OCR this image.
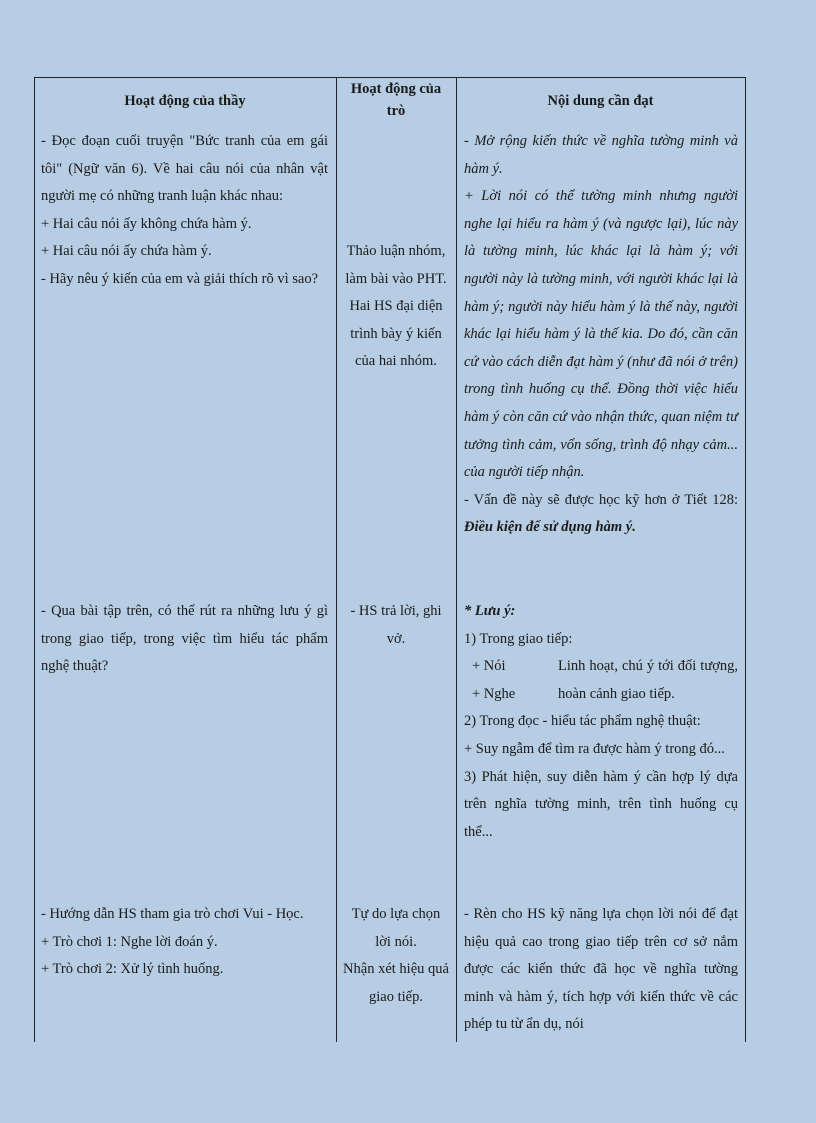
Hoạt động của thầy
Hoạt động của trò
Nội dung cần đạt

- Đọc đoạn cuối truyện "Bức tranh của em gái tôi" (Ngữ văn 6). Về hai câu nói của nhân vật người mẹ có những tranh luận khác nhau:

+ Hai câu nói ấy không chứa hàm ý.

+ Hai câu nói ấy chứa hàm ý.

- Hãy nêu ý kiến của em và giải thích rõ vì sao?

Thảo luận nhóm, làm bài vào PHT.

Hai HS đại diện trình bày ý kiến của hai nhóm.

- Mở rộng kiến thức về nghĩa tường minh và hàm ý.

+ Lời nói có thể tường minh nhưng người nghe lại hiểu ra hàm ý (và ngược lại), lúc này là tường minh, lúc khác lại là hàm ý; với người này là tường minh, với người khác lại là hàm ý; người này hiểu hàm ý là thế này, người khác lại hiểu hàm ý là thế kia. Do đó, cần căn cứ vào cách diễn đạt hàm ý (như đã nói ở trên) trong tình huống cụ thể. Đồng thời việc hiểu hàm ý còn căn cứ vào nhận thức, quan niệm tư tưởng tình cảm, vốn sống, trình độ nhạy cảm... của người tiếp nhận.

- Vấn đề này sẽ được học kỹ hơn ở Tiết 128: Điều kiện để sử dụng hàm ý.

- Qua bài tập trên, có thể rút ra những lưu ý gì trong giao tiếp, trong việc tìm hiểu tác phẩm nghệ thuật?

- HS trả lời, ghi vở.

* Lưu ý:

1) Trong giao tiếp:

+ Nói

+ Nghe

Linh hoạt, chú ý tới đối tượng, hoàn cảnh giao tiếp.

2) Trong đọc - hiểu tác phẩm nghệ thuật:

+ Suy ngẫm để tìm ra được hàm ý trong đó...

3) Phát hiện, suy diễn hàm ý cần hợp lý dựa trên nghĩa tường minh, trên tình huống cụ thể...

- Hướng dẫn HS tham gia trò chơi Vui - Học.

+ Trò chơi 1: Nghe lời đoán ý.

+ Trò chơi 2: Xử lý tình huống.

Tự do lựa chọn lời nói.

Nhận xét hiệu quả giao tiếp.

- Rèn cho HS kỹ năng lựa chọn lời nói để đạt hiệu quả cao trong giao tiếp trên cơ sở nắm được các kiến thức đã học về nghĩa tường minh và hàm ý, tích hợp với kiến thức về các phép tu từ ẩn dụ, nói
